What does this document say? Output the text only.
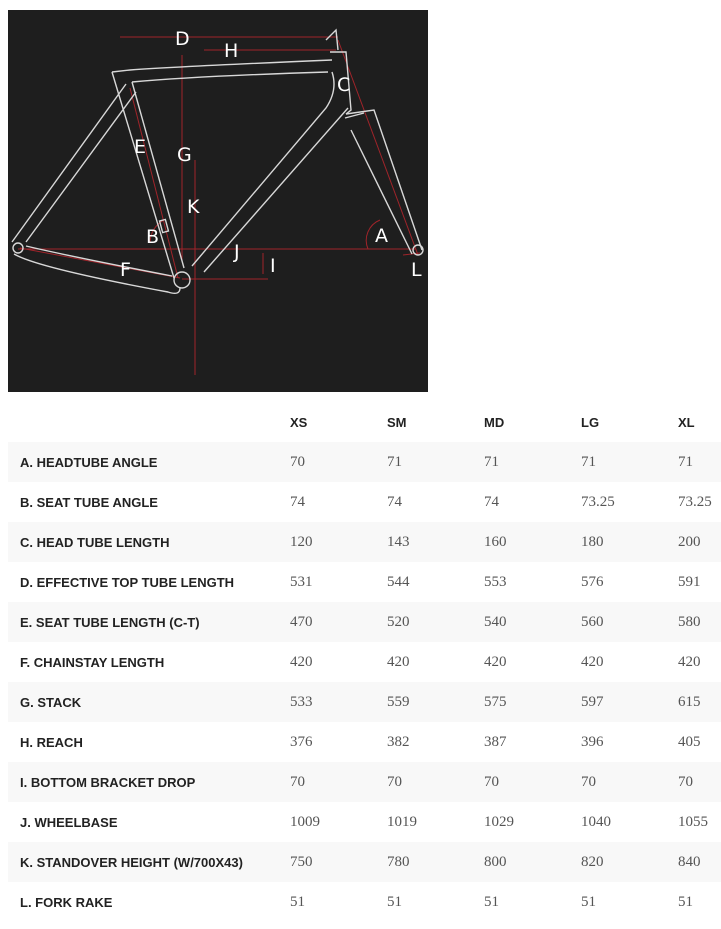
D
H
C
E G
K
B	A
J
F	I	L
	XS	SM	MD	LG	XL
A. HEADTUBE ANGLE	70	71	71	71	71
B. SEAT TUBE ANGLE	74	74	74	73.25	73.25
C. HEAD TUBE LENGTH	120	143	160	180	200
D. EFFECTIVE TOP TUBE LENGTH	531	544	553	576	591
E. SEAT TUBE LENGTH (C-T)	470	520	540	560	580
F. CHAINSTAY LENGTH	420	420	420	420	420
G. STACK	533	559	575	597	615
H. REACH	376	382	387	396	405
I. BOTTOM BRACKET DROP	70	70	70	70	70
J. WHEELBASE	1009	1019	1029	1040	1055
K. STANDOVER HEIGHT (W/700X43)	750	780	800	820	840
L. FORK RAKE	51	51	51	51	51
